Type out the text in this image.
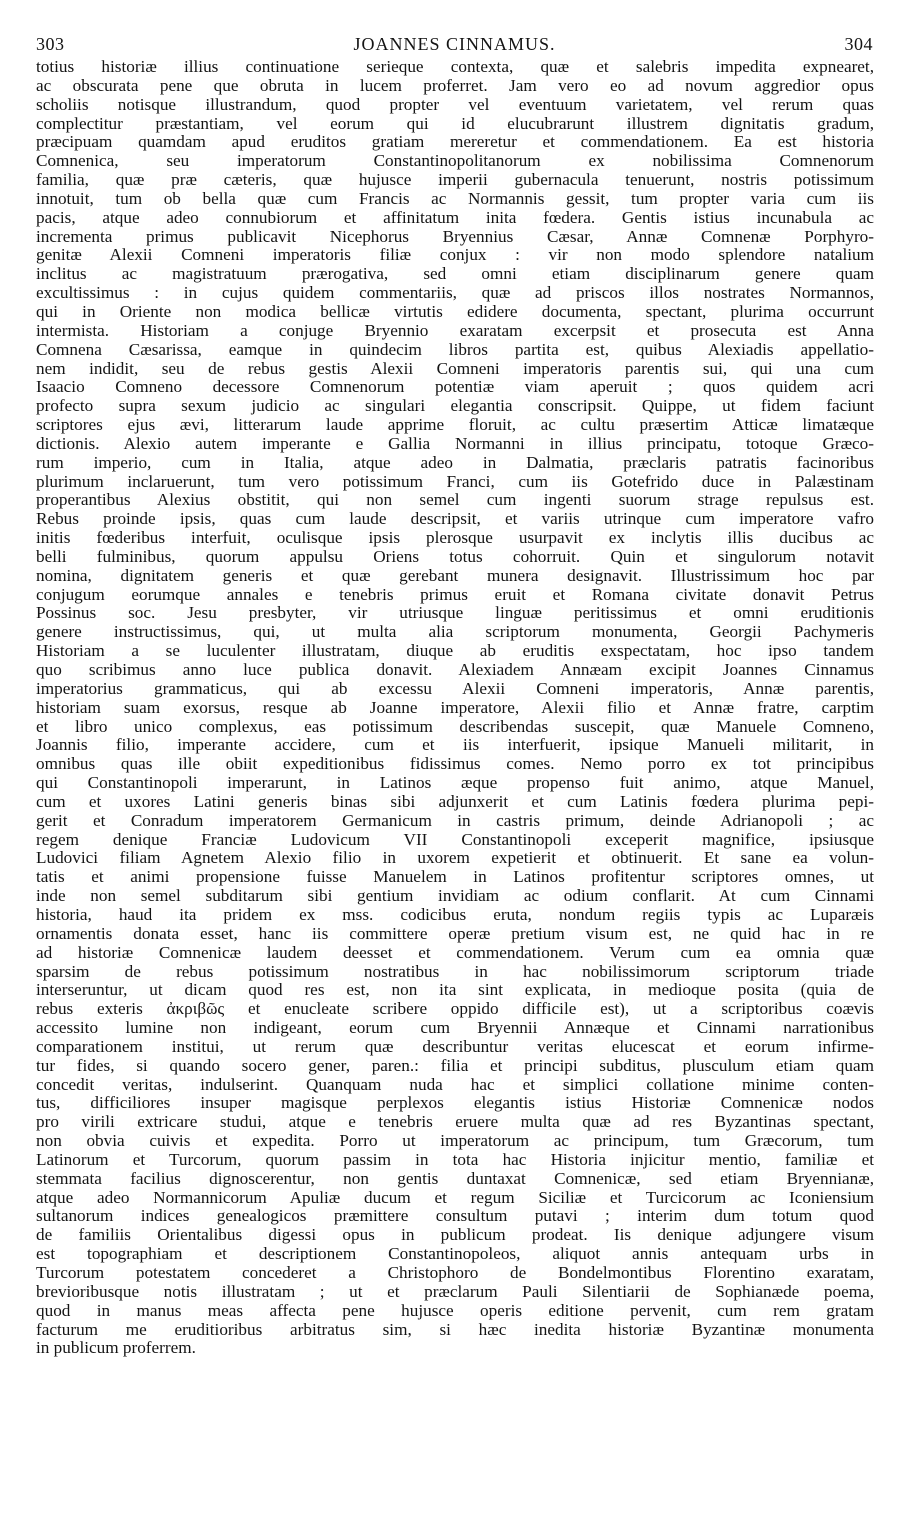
303	JOANNES CINNAMUS.	304
totius historiæ illius continuatione serieque contexta, quæ et salebris impedita expnearet,
ac obscurata pene que obruta in lucem proferret. Jam vero eo ad novum aggredior opus
scholiis notisque illustrandum, quod propter vel eventuum varietatem, vel rerum quas
complectitur præstantiam, vel eorum qui id elucubrarunt illustrem dignitatis gradum,
præcipuam quamdam apud eruditos gratiam mereretur et commendationem. Ea est historia
Comnenica, seu imperatorum Constantinopolitanorum ex nobilissima Comnenorum
familia, quæ præ cæteris, quæ hujusce imperii gubernacula tenuerunt, nostris potissimum
innotuit, tum ob bella quæ cum Francis ac Normannis gessit, tum propter varia cum iis
pacis, atque adeo connubiorum et affinitatum inita fœdera. Gentis istius incunabula ac
incrementa primus publicavit Nicephorus Bryennius Cæsar, Annæ Comnenæ Porphyro-
genitæ Alexii Comneni imperatoris filiæ conjux : vir non modo splendore natalium
inclitus ac magistratuum prærogativa, sed omni etiam disciplinarum genere quam
excultissimus : in cujus quidem commentariis, quæ ad priscos illos nostrates Normannos,
qui in Oriente non modica bellicæ virtutis edidere documenta, spectant, plurima occurrunt
intermista. Historiam a conjuge Bryennio exaratam excerpsit et prosecuta est Anna
Comnena Cæsarissa, eamque in quindecim libros partita est, quibus Alexiadis appellatio-
nem indidit, seu de rebus gestis Alexii Comneni imperatoris parentis sui, qui una cum
Isaacio Comneno decessore Comnenorum potentiæ viam aperuit ; quos quidem acri
profecto supra sexum judicio ac singulari elegantia conscripsit. Quippe, ut fidem faciunt
scriptores ejus ævi, litterarum laude apprime floruit, ac cultu præsertim Atticæ limatæque
dictionis. Alexio autem imperante e Gallia Normanni in illius principatu, totoque Græco-
rum imperio, cum in Italia, atque adeo in Dalmatia, præclaris patratis facinoribus
plurimum inclaruerunt, tum vero potissimum Franci, cum iis Gotefrido duce in Palæstinam
properantibus Alexius obstitit, qui non semel cum ingenti suorum strage repulsus est.
Rebus proinde ipsis, quas cum laude descripsit, et variis utrinque cum imperatore vafro
initis fœderibus interfuit, oculisque ipsis plerosque usurpavit ex inclytis illis ducibus ac
belli fulminibus, quorum appulsu Oriens totus cohorruit. Quin et singulorum notavit
nomina, dignitatem generis et quæ gerebant munera designavit. Illustrissimum hoc par
conjugum eorumque annales e tenebris primus eruit et Romana civitate donavit Petrus
Possinus soc. Jesu presbyter, vir utriusque linguæ peritissimus et omni eruditionis
genere instructissimus, qui, ut multa alia scriptorum monumenta, Georgii Pachymeris
Historiam a se luculenter illustratam, diuque ab eruditis exspectatam, hoc ipso tandem
quo scribimus anno luce publica donavit. Alexiadem Annæam excipit Joannes Cinnamus
imperatorius grammaticus, qui ab excessu Alexii Comneni imperatoris, Annæ parentis,
historiam suam exorsus, resque ab Joanne imperatore, Alexii filio et Annæ fratre, carptim
et libro unico complexus, eas potissimum describendas suscepit, quæ Manuele Comneno,
Joannis filio, imperante accidere, cum et iis interfuerit, ipsique Manueli militarit, in
omnibus quas ille obiit expeditionibus fidissimus comes. Nemo porro ex tot principibus
qui Constantinopoli imperarunt, in Latinos æque propenso fuit animo, atque Manuel,
cum et uxores Latini generis binas sibi adjunxerit et cum Latinis fœdera plurima pepi-
gerit et Conradum imperatorem Germanicum in castris primum, deinde Adrianopoli ; ac
regem denique Franciæ Ludovicum VII Constantinopoli exceperit magnifice, ipsiusque
Ludovici filiam Agnetem Alexio filio in uxorem expetierit et obtinuerit. Et sane ea volun-
tatis et animi propensione fuisse Manuelem in Latinos profitentur scriptores omnes, ut
inde non semel subditarum sibi gentium invidiam ac odium conflarit. At cum Cinnami
historia, haud ita pridem ex mss. codicibus eruta, nondum regiis typis ac Luparæis
ornamentis donata esset, hanc iis committere operæ pretium visum est, ne quid hac in re
ad historiæ Comnenicæ laudem deesset et commendationem. Verum cum ea omnia quæ
sparsim de rebus potissimum nostratibus in hac nobilissimorum scriptorum triade
interseruntur, ut dicam quod res est, non ita sint explicata, in medioque posita (quia de
rebus exteris ἀκριβῶς et enucleate scribere oppido difficile est), ut a scriptoribus coævis
accessito lumine non indigeant, eorum cum Bryennii Annæque et Cinnami narrationibus
comparationem institui, ut rerum quæ describuntur veritas elucescat et eorum infirme-
tur fides, si quando socero gener, paren.: filia et principi subditus, plusculum etiam quam
concedit veritas, indulserint. Quanquam nuda hac et simplici collatione minime conten-
tus, difficiliores insuper magisque perplexos elegantis istius Historiæ Comnenicæ nodos
pro virili extricare studui, atque e tenebris eruere multa quæ ad res Byzantinas spectant,
non obvia cuivis et expedita. Porro ut imperatorum ac principum, tum Græcorum, tum
Latinorum et Turcorum, quorum passim in tota hac Historia injicitur mentio, familiæ et
stemmata facilius dignoscerentur, non gentis duntaxat Comnenicæ, sed etiam Bryennianæ,
atque adeo Normannicorum Apuliæ ducum et regum Siciliæ et Turcicorum ac Iconiensium
sultanorum indices genealogicos præmittere consultum putavi ; interim dum totum quod
de familiis Orientalibus digessi opus in publicum prodeat. Iis denique adjungere visum
est topographiam et descriptionem Constantinopoleos, aliquot annis antequam urbs in
Turcorum potestatem concederet a Christophoro de Bondelmontibus Florentino exaratam,
brevioribusque notis illustratam ; ut et præclarum Pauli Silentiarii de Sophianæde poema,
quod in manus meas affecta pene hujusce operis editione pervenit, cum rem gratam
facturum me eruditioribus arbitratus sim, si hæc inedita historiæ Byzantinæ monumenta
in publicum proferrem.
